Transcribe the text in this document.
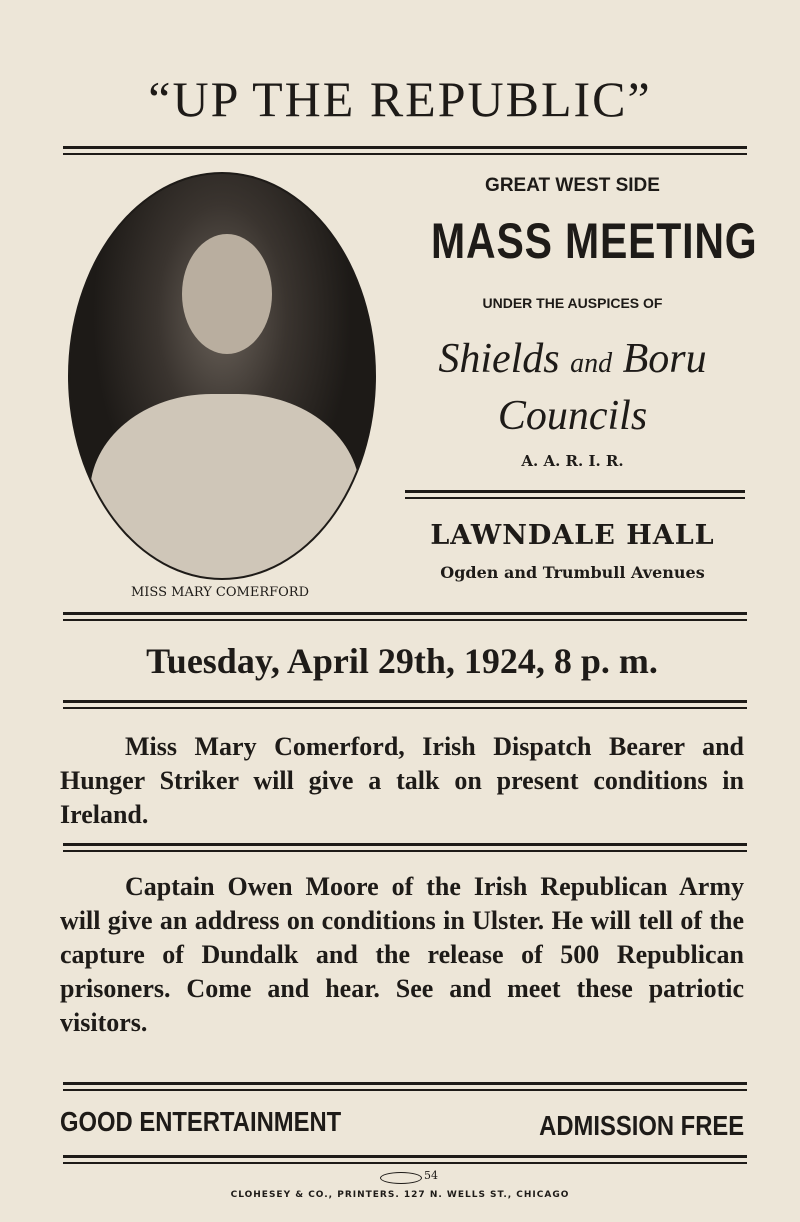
“UP THE REPUBLIC”
MISS MARY COMERFORD
GREAT WEST SIDE
MASS MEETING
UNDER THE AUSPICES OF
Shields and Boru
Councils
A. A. R. I. R.
LAWNDALE HALL
Ogden and Trumbull Avenues
Tuesday, April 29th, 1924, 8 p. m.
Miss Mary Comerford, Irish Dispatch Bearer and Hunger Striker will give a talk on present conditions in Ireland.
Captain Owen Moore of the Irish Republican Army will give an address on conditions in Ulster. He will tell of the capture of Dundalk and the release of 500 Republican prisoners. Come and hear. See and meet these patriotic visitors.
GOOD ENTERTAINMENT	ADMISSION FREE
54
CLOHESEY & CO., PRINTERS. 127 N. WELLS ST., CHICAGO
